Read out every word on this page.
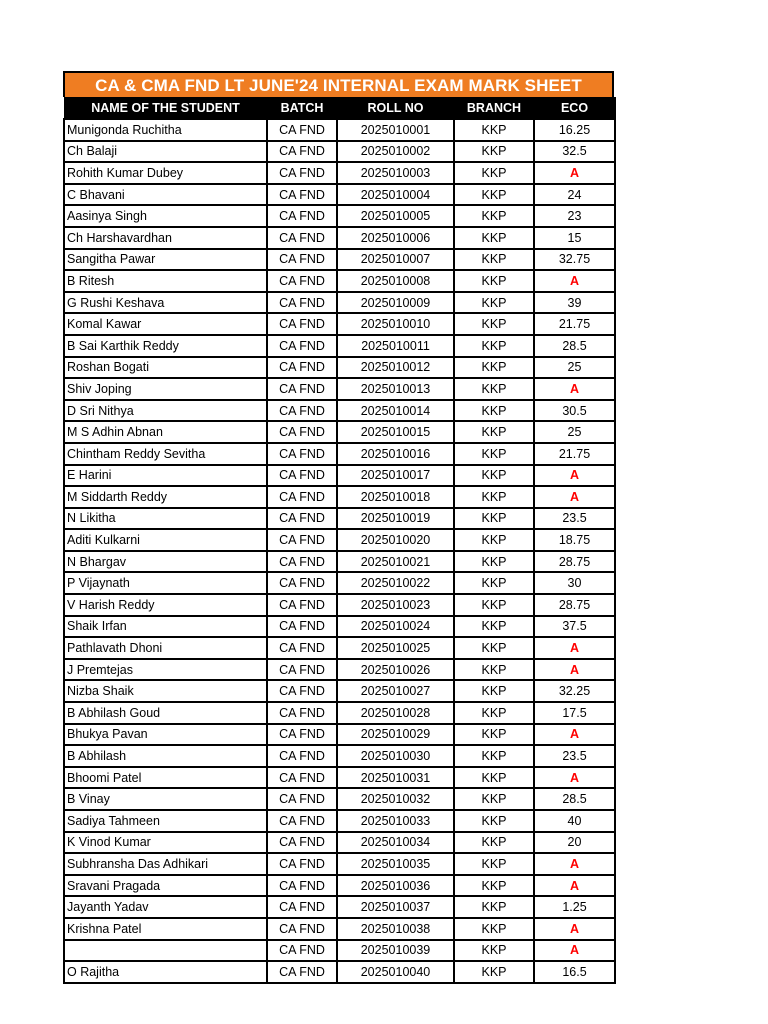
CA & CMA FND LT JUNE'24 INTERNAL EXAM MARK SHEET
NAME OF THE STUDENT	BATCH	ROLL NO	BRANCH	ECO
Munigonda Ruchitha	CA FND	2025010001	KKP	16.25
Ch Balaji	CA FND	2025010002	KKP	32.5
Rohith Kumar Dubey	CA FND	2025010003	KKP	A
C Bhavani	CA FND	2025010004	KKP	24
Aasinya Singh	CA FND	2025010005	KKP	23
Ch Harshavardhan	CA FND	2025010006	KKP	15
Sangitha Pawar	CA FND	2025010007	KKP	32.75
B Ritesh	CA FND	2025010008	KKP	A
G Rushi Keshava	CA FND	2025010009	KKP	39
Komal Kawar	CA FND	2025010010	KKP	21.75
B Sai Karthik Reddy	CA FND	2025010011	KKP	28.5
Roshan Bogati	CA FND	2025010012	KKP	25
Shiv Joping	CA FND	2025010013	KKP	A
D Sri Nithya	CA FND	2025010014	KKP	30.5
M S Adhin Abnan	CA FND	2025010015	KKP	25
Chintham Reddy Sevitha	CA FND	2025010016	KKP	21.75
E Harini	CA FND	2025010017	KKP	A
M Siddarth Reddy	CA FND	2025010018	KKP	A
N Likitha	CA FND	2025010019	KKP	23.5
Aditi Kulkarni	CA FND	2025010020	KKP	18.75
N Bhargav	CA FND	2025010021	KKP	28.75
P Vijaynath	CA FND	2025010022	KKP	30
V Harish Reddy	CA FND	2025010023	KKP	28.75
Shaik Irfan	CA FND	2025010024	KKP	37.5
Pathlavath Dhoni	CA FND	2025010025	KKP	A
J Premtejas	CA FND	2025010026	KKP	A
Nizba Shaik	CA FND	2025010027	KKP	32.25
B Abhilash Goud	CA FND	2025010028	KKP	17.5
Bhukya Pavan	CA FND	2025010029	KKP	A
B Abhilash	CA FND	2025010030	KKP	23.5
Bhoomi Patel	CA FND	2025010031	KKP	A
B Vinay	CA FND	2025010032	KKP	28.5
Sadiya Tahmeen	CA FND	2025010033	KKP	40
K Vinod Kumar	CA FND	2025010034	KKP	20
Subhransha Das Adhikari	CA FND	2025010035	KKP	A
Sravani Pragada	CA FND	2025010036	KKP	A
Jayanth Yadav	CA FND	2025010037	KKP	1.25
Krishna Patel	CA FND	2025010038	KKP	A
	CA FND	2025010039	KKP	A
O Rajitha	CA FND	2025010040	KKP	16.5
